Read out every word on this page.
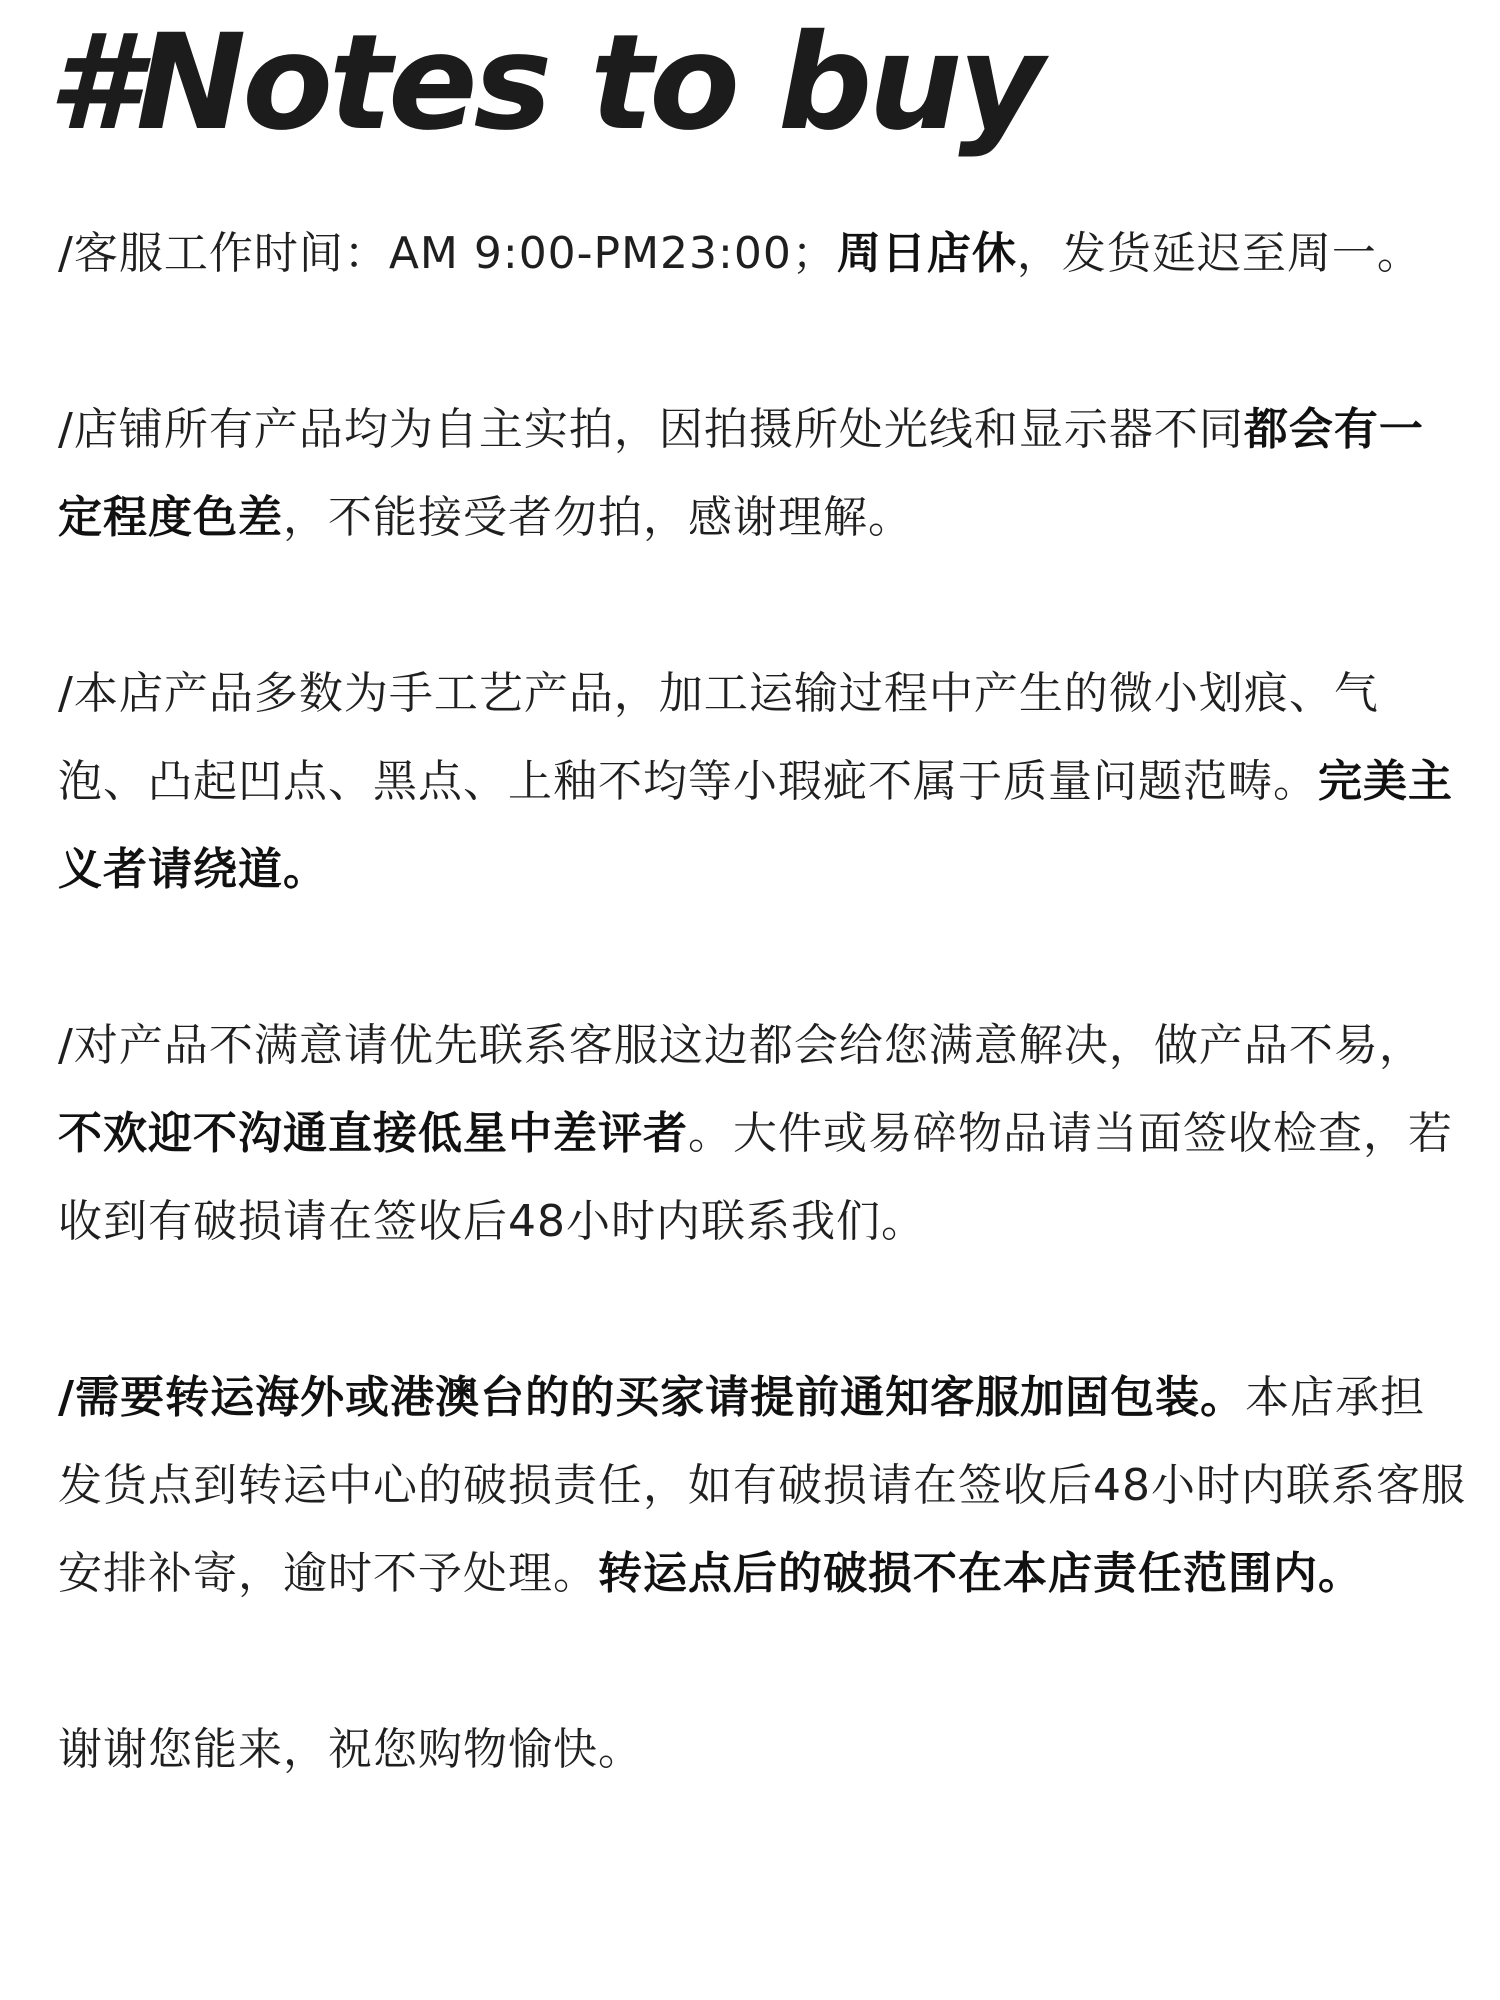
#Notes to buy

/客服工作时间：AM 9:00-PM23:00；周日店休，发货延迟至周一。

/店铺所有产品均为自主实拍，因拍摄所处光线和显示器不同都会有一定程度色差，不能接受者勿拍，感谢理解。

/本店产品多数为手工艺产品，加工运输过程中产生的微小划痕、气泡、凸起凹点、黑点、上釉不均等小瑕疵不属于质量问题范畴。完美主义者请绕道。

/对产品不满意请优先联系客服这边都会给您满意解决，做产品不易，不欢迎不沟通直接低星中差评者。大件或易碎物品请当面签收检查，若收到有破损请在签收后48小时内联系我们。

/需要转运海外或港澳台的的买家请提前通知客服加固包装。本店承担发货点到转运中心的破损责任，如有破损请在签收后48小时内联系客服安排补寄，逾时不予处理。转运点后的破损不在本店责任范围内。

谢谢您能来，祝您购物愉快。
